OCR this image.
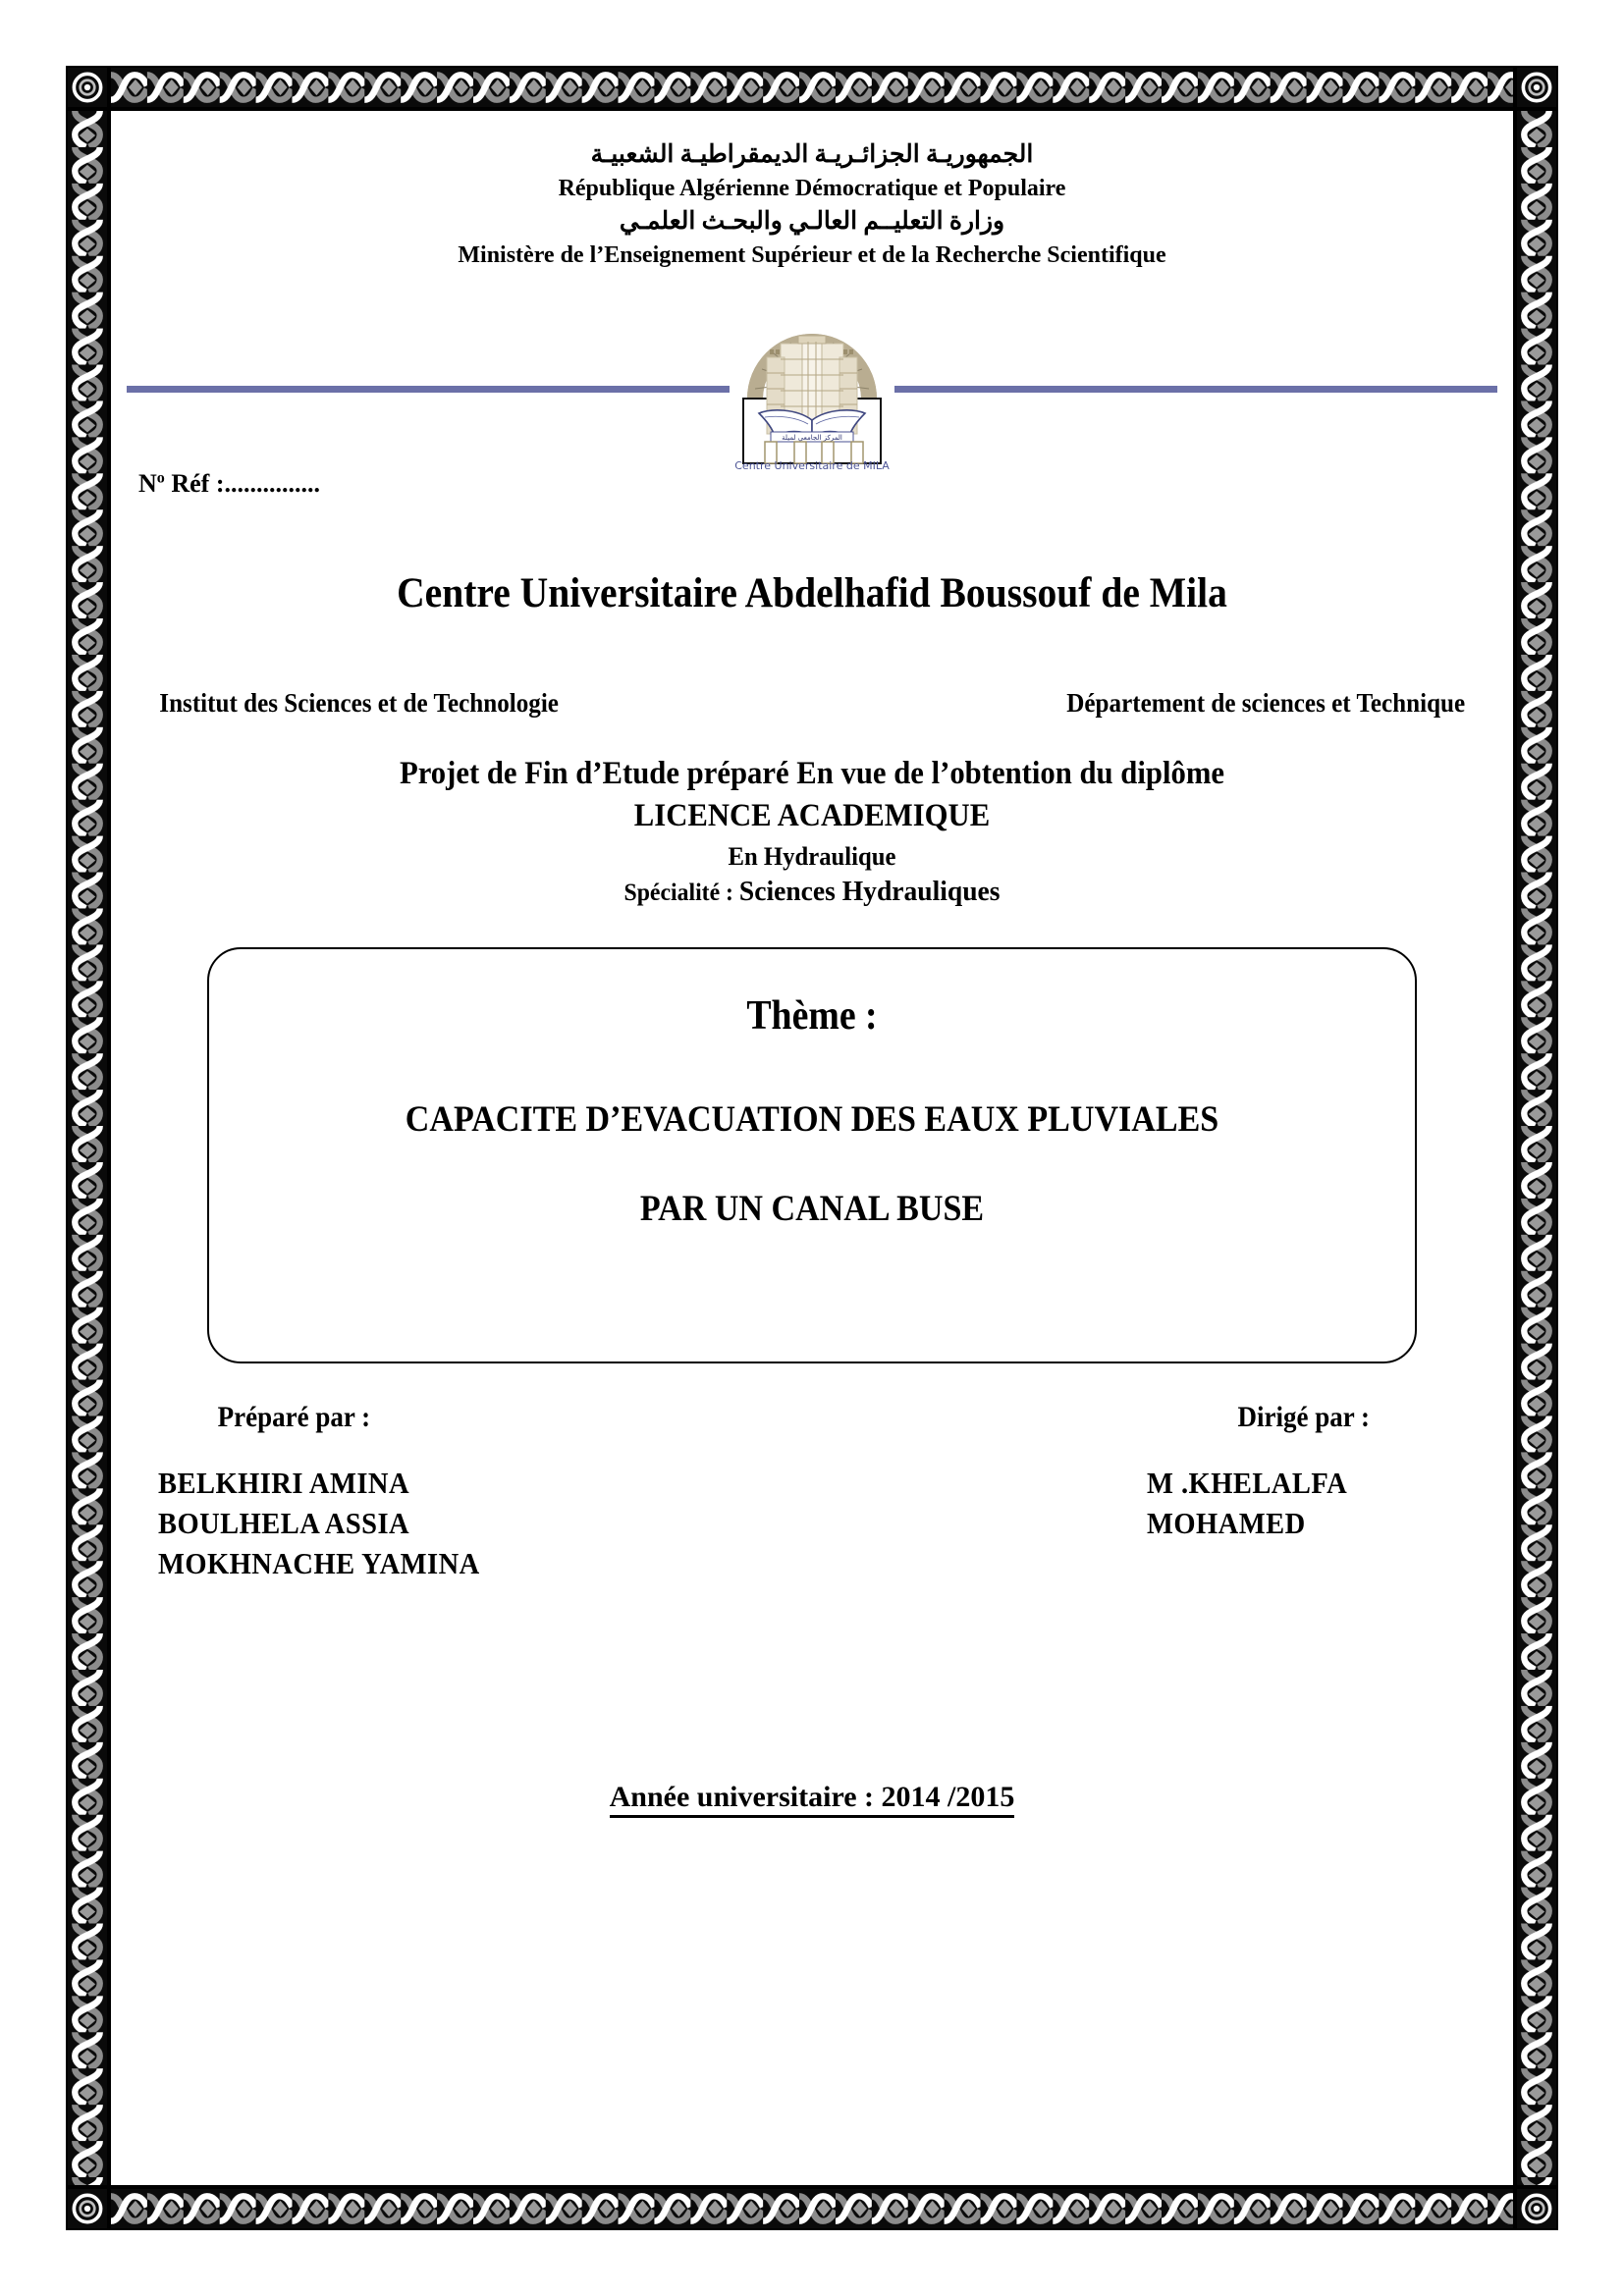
الجمهوريـة الجزائـريـة الديمقراطيـة الشعبيـة
République Algérienne Démocratique et Populaire
وزارة التعليــم العالـي والبحـث العلمـي
Ministère de l’Enseignement Supérieur et de la Recherche Scientifique
المركز الجامعي لميلة
Centre Universitaire de MILA
$N^o$ Réf :...............
Centre Universitaire Abdelhafid Boussouf de Mila
Institut des Sciences et de Technologie	Département de sciences et Technique
Projet de Fin d’Etude préparé En vue de l’obtention du diplôme
LICENCE ACADEMIQUE
En Hydraulique
Spécialité : Sciences Hydrauliques
Thème :
CAPACITE D’EVACUATION DES EAUX PLUVIALES
PAR UN CANAL BUSE
Préparé par :	Dirigé par :
BELKHIRI AMINA
BOULHELA ASSIA
MOKHNACHE YAMINA
M .KHELALFA MOHAMED
Année universitaire : 2014 /2015
